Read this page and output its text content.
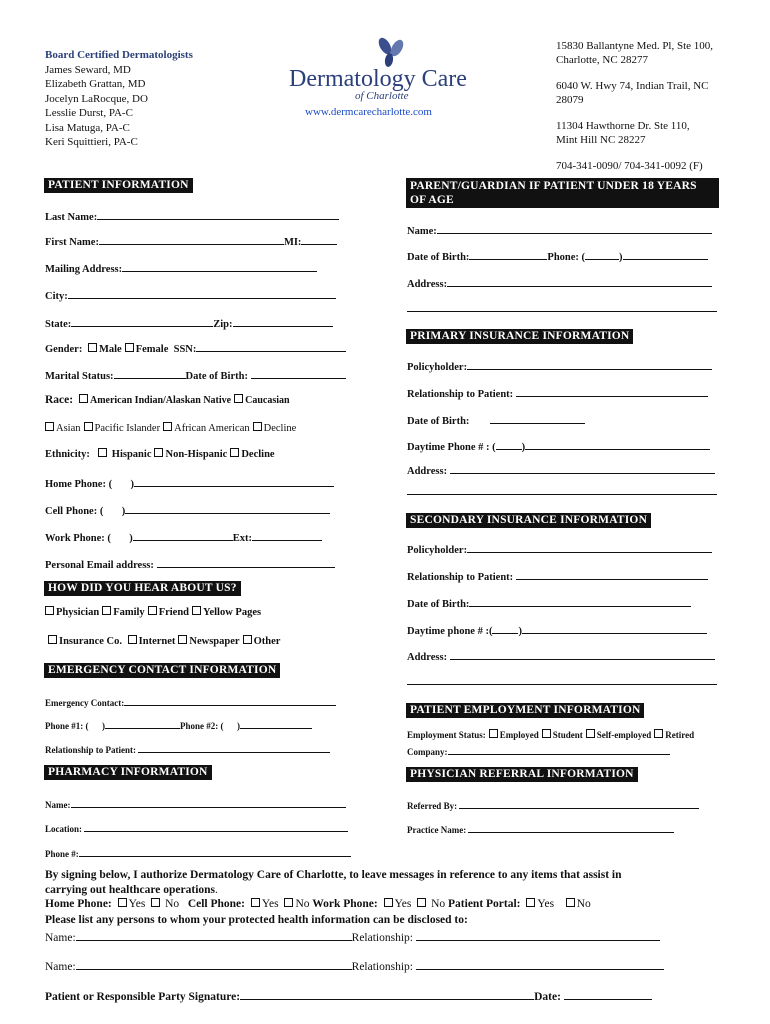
Board Certified Dermatologists
James Seward, MD
Elizabeth Grattan, MD
Jocelyn LaRocque, DO
Lesslie Durst, PA-C
Lisa Matuga, PA-C
Keri Squittieri, PA-C
Dermatology Care
of Charlotte
www.dermcarecharlotte.com
15830 Ballantyne Med. Pl, Ste 100,
Charlotte, NC 28277
6040 W. Hwy 74, Indian Trail, NC
28079
11304 Hawthorne Dr. Ste 110,
Mint Hill NC 28227
704-341-0090/ 704-341-0092 (F)
PATIENT INFORMATION
Last Name:
First Name:	MI:
Mailing Address:
City:
State:	Zip:
Gender: Male Female SSN:
Marital Status:	Date of Birth:
Race: American Indian/Alaskan Native Caucasian
Asian Pacific Islander African American Decline
Ethnicity: Hispanic Non-Hispanic Decline
Home Phone: (       )
Cell Phone: (       )
Work Phone: (       )	Ext:
Personal Email address:
HOW DID YOU HEAR ABOUT US?
Physician Family Friend Yellow Pages
Insurance Co. Internet Newspaper Other
EMERGENCY CONTACT INFORMATION
Emergency Contact:
Phone #1: (      )	Phone #2: (      )
Relationship to Patient:
PHARMACY INFORMATION
Name:
Location:
Phone #:
PARENT/GUARDIAN IF PATIENT UNDER 18 YEARS OF AGE
Name:
Date of Birth:	Phone: (	)
Address:
PRIMARY INSURANCE INFORMATION
Policyholder:
Relationship to Patient:
Date of Birth:
Daytime Phone # : ( )
Address:
SECONDARY INSURANCE INFORMATION
Policyholder:
Relationship to Patient:
Date of Birth:
Daytime phone # :( )
Address:
PATIENT EMPLOYMENT INFORMATION
Employment Status: Employed Student Self-employed Retired
Company:
PHYSICIAN REFERRAL INFORMATION
Referred By:
Practice Name:
By signing below, I authorize Dermatology Care of Charlotte, to leave messages in reference to any items that assist in
carrying out healthcare operations.
Home Phone: Yes No Cell Phone: Yes No Work Phone: Yes No Patient Portal: Yes No
Please list any persons to whom your protected health information can be disclosed to:
Name:	Relationship:
Name:	Relationship:
Patient or Responsible Party Signature:	Date:
